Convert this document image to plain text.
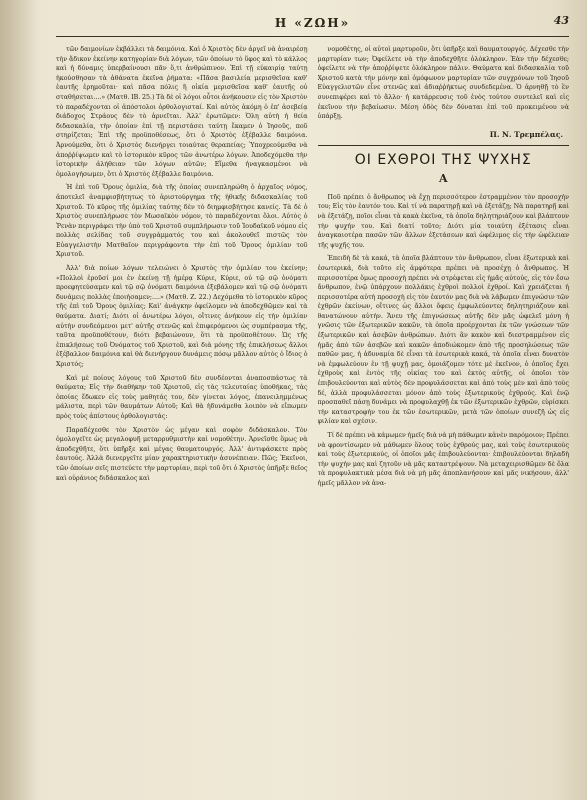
Η «ΖΩΗ»	43

τῶν δαιμονίων ἐκβάλλει τὰ δαιμόνια. Καὶ ὁ Χριστὸς δὲν ἀργεῖ νὰ ἀναιρέσῃ τὴν ἄδικον ἐκείνην κατηγορίαν διὰ λόγων, τῶν ὁποίων τὸ ὕφος καὶ τὸ κάλλος καὶ ἡ δύναμις ὑπερβαίνουσι πᾶν ὅ,τι ἀνθρώπινον. Ἐπὶ τῇ εὐκαιρίᾳ ταύτῃ ἠκούσθησαν τὰ ἀθάνατα ἐκεῖνα ῥήματα: «Πᾶσα βασιλεία μερισθεῖσα καθ' ἑαυτῆς ἐρημοῦται· καὶ πᾶσα πόλις ἢ οἰκία μερισθεῖσα καθ' ἑαυτῆς οὐ σταθήσεται....» (Ματθ. ΙΒ. 25.) Τὰ δὲ οἱ λόγοι οὗτοι ἀνήκουσιν εἰς τὸν Χριστὸν τὸ παραδέχονται οἱ ἀπόστολοι ὀρθολογισταί. Καὶ αὐτὸς ἀκόμη ὁ ἐπ' ἀσεβείᾳ διάδοχος Στράους δὲν τὸ ἀρνεῖται. Ἀλλ' ἐρωτῶμεν: Ὁλη αὐτὴ ἡ θεία διδασκαλία, τὴν ὁποίαν ἐπὶ τῇ περιστάσει ταύτῃ ἔκαμεν ὁ Ἰησοῦς, ποῦ στηρίζεται; Ἐπὶ τῆς προϋποθέσεως, ὅτι ὁ Χριστὸς ἐξέβαλλε δαιμόνια. Ἀρνούμεθα, ὅτι ὁ Χριστὸς διενήργει τοιαύτας θεραπείας; Ὑποχρεούμεθα νὰ ἀποῤῥίψωμεν καὶ τὸ ἱστορικὸν κῦρος τῶν ἀνωτέρω λόγων. Ἀποδεχόμεθα τὴν ἱστορικὴν ἀλήθειαν τῶν λόγων αὐτῶν; Εἴμεθα ἠναγκασμένοι νὰ ὁμολογήσωμεν, ὅτι ὁ Χριστὸς ἐξέβαλλε δαιμόνια.

Ἡ ἐπὶ τοῦ Ὄρους ὁμιλία, διὰ τῆς ὁποίας συνεπληρώθη ὁ ἀρχαῖος νόμος, ἀποτελεῖ ἀναμφισβήτητως τὸ ἀριστούργημα τῆς ἠθικῆς διδασκαλίας τοῦ Χριστοῦ. Τὸ κῦρος τῆς ὁμιλίας ταύτης δὲν τὸ διημφισβήτησε κανείς. Τὰ δὲ ὁ Χριστὸς συνεπλήρωσε τὸν Μωσαϊκὸν νόμον, τὸ παραδέχονται ὅλοι. Αὐτὸς ὁ Ῥενὰν περιγράφει τὴν ὑπὸ τοῦ Χριστοῦ συμπλήρωσιν τοῦ Ἰουδαϊκοῦ νόμου εἰς πολλὰς σελίδας τοῦ συγγράμματός του καὶ ἀκολουθεῖ πιστῶς τὸν Εὐαγγελιστὴν Ματθαῖον περιγράφοντα τὴν ἐπὶ τοῦ Ὄρους ὁμιλίαν τοῦ Χριστοῦ.

Ἀλλ' διὰ ποίων λόγων τελειώνει ὁ Χριστὸς τὴν ὁμιλίαν του ἐκείνην; «Πολλοὶ ἐροῦσί μοι ἐν ἐκείνῃ τῇ ἡμέρᾳ Κύριε, Κύριε, οὐ τῷ σῷ ὀνόματι προεφητεύσαμεν καὶ τῷ σῷ ὀνόματι δαιμόνια ἐξεβάλομεν καὶ τῷ σῷ ὀνόματι δυνάμεις πολλὰς ἐποιήσαμεν;....» (Ματθ. Ζ. 22.) Δεχόμεθα τὸ ἱστορικὸν κῦρος τῆς ἐπὶ τοῦ Ὄρους ὁμιλίας; Καὶ' ἀνάγκην ὀφείλομεν νὰ ἀποδεχθῶμεν καὶ τὰ θαύματα. Διατί; Διότι οἱ ἀνωτέρω λόγοι, οἵτινες ἀνήκουν εἰς τὴν ὁμιλίαν αὐτὴν συνδεόμενοι μετ' αὐτῆς στενῶς καὶ ἐπιφερόμενοι ὡς συμπέρασμα τῆς, ταῦτα προϋποθέτουν, διότι βεβαιώνουν, ὅτι τὰ προϋποθέτουν. Ὡς τῆς ἐπικλήσεως τοῦ Ὀνόματος τοῦ Χριστοῦ, καὶ διὰ μόνης τῆς ἐπικλήσεως ἄλλοι ἐξέβαλλον δαιμόνια καὶ θὰ διενήργουν δυνάμεις πόσῳ μᾶλλον αὐτὸς ὁ ἴδιος ὁ Χριστός;

Καὶ μὲ ποίους λόγους τοῦ Χριστοῦ δὲν συνδέονται ἀναποσπάστως τὰ θαύματα; Εἰς τὴν διαθήκην τοῦ Χριστοῦ, εἰς τὰς τελευταίας ὑποθήκας, τὰς ὁποίας ἔδωκεν εἰς τοὺς μαθητάς του, δὲν γίνεται λόγος, ἐπανειλημμένως μάλιστα, περὶ τῶν θαυμάτων Αὐτοῦ; Καὶ θὰ ἠδυνάμεθα λοιπὸν νὰ εἴπωμεν πρὸς τοὺς ἀπίστους ὀρθολογιστάς:

Παραδέχεσθε τὸν Χριστὸν ὡς μέγαν καὶ σοφὸν διδάσκαλον. Τὸν ὁμολογεῖτε ὡς μεγαλοφυῆ μεταρρυθμιστὴν καὶ νομοθέτην. Ἀρνεῖσθε ὅμως νὰ ἀποδεχθῆτε, ὅτι ὑπῆρξε καὶ μέγας θαυματουργός. Ἀλλ' ἀντιφάσκετε πρὸς ἑαυτούς. Ἀλλὰ διενεργεῖτε μίαν χαρακτηριστικὴν ἀσυνέπειαν. Πῶς; Ἐκεῖνοι, τῶν ὁποίων σεῖς πιστεύετε τὴν μαρτυρίαν, περὶ τοῦ ὅτι ὁ Χριστὸς ὑπῆρξε θεῖος καὶ οὐράνιος διδάσκαλος καὶ

νομοθέτης, οἱ αὐτοὶ μαρτυροῦν, ὅτι ὑπῆρξε καὶ θαυματουργός. Δέχεσθε τὴν μαρτυρίαν των; Ὀφείλετε νὰ τὴν ἀποδεχθῆτε ὁλόκληρον. Ἐὰν τὴν δέχεσθε; ὀφείλετε νὰ τὴν ἀποῤῥίψετε ὁλόκληρον πάλιν. Θαύματα καὶ διδασκαλία τοῦ Χριστοῦ κατὰ τὴν μόνην καὶ ὁμόφωνον μαρτυρίαν τῶν συγχρόνων τοῦ Ἰησοῦ Εὐαγγελιστῶν εἶνε στενῶς καὶ ἀδιαῤῥήκτως συνδεδεμένα. Ὁ ἀρνηθῇ τὸ ἓν συνεπιφέρει καὶ τὸ ἄλλο· ἡ κατάρρευσις τοῦ ἑνὸς τούτου συντελεῖ καὶ εἰς ἐκεῖνου τὴν βεβαίωσιν. Μέση ὁδὸς δὲν δύναται ἐπὶ τοῦ προκειμένου νὰ ὑπάρξῃ.

Π. Ν. Τρεμπέλας.
ΟΙ ΕΧΘΡΟΙ ΤΗΣ ΨΥΧΗΣ
Α

Ποῦ πρέπει ὁ ἄνθρωπος νὰ ἔχῃ περισσότερον ἐστραμμένον τὸν προσοχήν του; Εἰς τὸν ἑαυτόν του. Καὶ τί νὰ παρατηρῇ καὶ νὰ ἐξετάζῃ; Νὰ παρατηρῇ καὶ νὰ ἐξετάζῃ, ποῖοι εἶναι τὰ κακὰ ἐκεῖνα, τὰ ὁποῖα δηλητηριάζουν καὶ βλάπτουν τὴν ψυχήν του. Καὶ διατί τοῦτο; Διότι μία τοιαύτη ἐξέτασις εἶναι ἀναγκαιοτέρα πασῶν τῶν ἄλλων ἐξετάσεων καὶ ὠφέλιμος εἰς τὴν ὠφέλειαν τῆς ψυχῆς του.

Ἐπειδὴ δὲ τὰ κακά, τὰ ὁποῖα βλάπτουν τὸν ἄνθρωπον, εἶναι ἐξωτερικὰ καὶ ἐσωτερικά, διὰ τοῦτο εἰς ἀμφότερα πρέπει νὰ προσέχῃ ὁ ἄνθρωπος. Ἡ περισσοτέρα ὅμως προσοχὴ πρέπει νὰ στρέφεται εἰς ἡμᾶς αὐτούς, εἰς τὸν ἔσω ἄνθρωπον, ἐνῷ ὑπάρχουν πολλάκις ἐχθροὶ πολλοὶ ἐχθροί. Καὶ χρειάζεται ἡ περισσοτέρα αὐτὴ προσοχὴ εἰς τὸν ἑαυτόν μας διὰ νὰ λάβωμεν ἐπιγνώσιν τῶν ἐχθρῶν ἐκείνων, οἵτινες ὡς ἄλλοι ὄφεις ἐμφωλεύοντες δηλητηριάζουν καὶ θανατώνουν αὐτήν. Ἄνευ τῆς ἐπιγνώσεως αὐτῆς δὲν μᾶς ὠφελεῖ μόνη ἡ γνῶσις τῶν ἐξωτερικῶν κακῶν, τὰ ὁποῖα προέρχονται ἐκ τῶν γνώσεων τῶν ἐξωτερικῶν καὶ ἀσεβῶν ἀνθρώπων. Διότι ἂν κακὸν καὶ διεστραμμένον εἰς ἡμᾶς ἀπὸ τῶν ἀσεβῶν καὶ κακῶν ἀποδιώκομεν ἀπὸ τῆς προσηλώσεως τῶν παθῶν μας, ἡ ἀδυναμία δὲ εἶναι τὰ ἐσωτερικὰ κακά, τὰ ὁποῖα εἶναι δυνατὸν νὰ ἐμφωλεύουν ἐν τῇ ψυχῇ μας, ὁμοιάζομεν τότε μὲ ἐκεῖνον, ὁ ὁποῖος ἔχει ἐχθροὺς καὶ ἐντὸς τῆς οἰκίας του καὶ ἐκτὸς αὐτῆς, οἱ ὁποῖοι τὸν ἐπιβουλεύονται καὶ αὐτὸς δὲν προφυλάσσεται καὶ ἀπὸ τοὺς μὲν καὶ ἀπὸ τοὺς δέ, ἀλλὰ προφυλάσσεται μόνον ἀπὸ τοὺς ἐξωτερικοὺς ἐχθρούς. Καὶ ἐνῷ προσπαθεῖ πάσῃ δυνάμει νὰ προφυλαχθῇ ἐκ τῶν ἐξωτερικῶν ἐχθρῶν, εὑρίσκει τὴν καταστροφήν του ἐκ τῶν ἐσωτερικῶν, μετὰ τῶν ὁποίων συνεζῆ ὡς εἰς φιλίαν καὶ σχέσιν.

Τί δὲ πρέπει νὰ κάμωμεν ἡμεῖς διὰ νὰ μὴ πάθωμεν κἀνὲν παρόμοιον; Πρέπει νὰ φροντίσωμεν νὰ μάθωμεν ὅλους τοὺς ἐχθρούς μας, καὶ τοὺς ἐσωτερικοὺς καὶ τοὺς ἐξωτερικούς, οἱ ὁποῖοι μᾶς ἐπιβουλεύονται· ἐπιβουλεύονται δηλαδὴ τὴν ψυχήν μας καὶ ζητοῦν νὰ μᾶς καταστρέψουν. Νὰ μεταχειρισθῶμεν δὲ ὅλα τὰ προφυλακτικὰ μέσα διὰ νὰ μὴ μᾶς ἀποπλανήσουν καὶ μᾶς νικήσουν, ἀλλ' ἡμεῖς μᾶλλον νὰ ἀνα-
